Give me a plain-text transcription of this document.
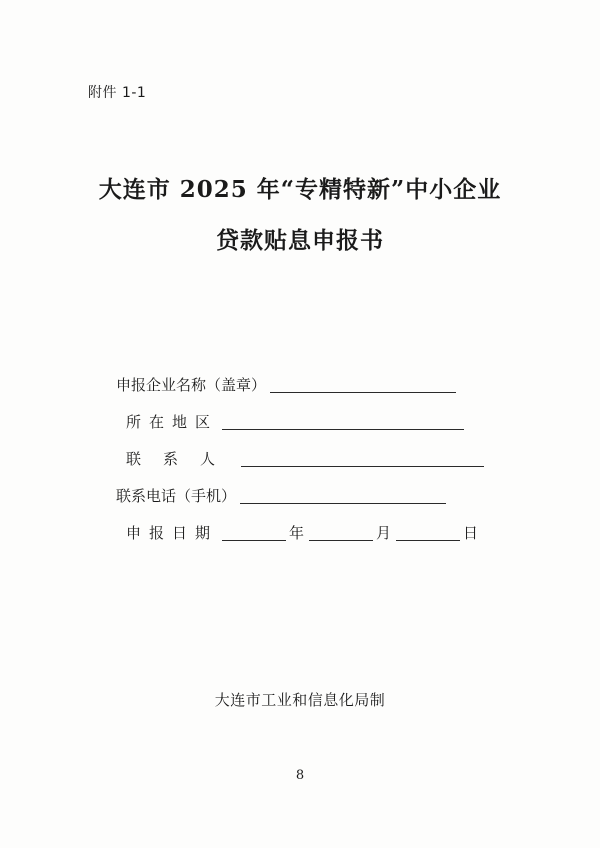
附件 1-1
大连市 2025 年“专精特新”中小企业
贷款贴息申报书
申报企业名称（盖章）
所在地区
联系人
联系电话（手机）
申报日期	年	月	日
大连市工业和信息化局制
8
